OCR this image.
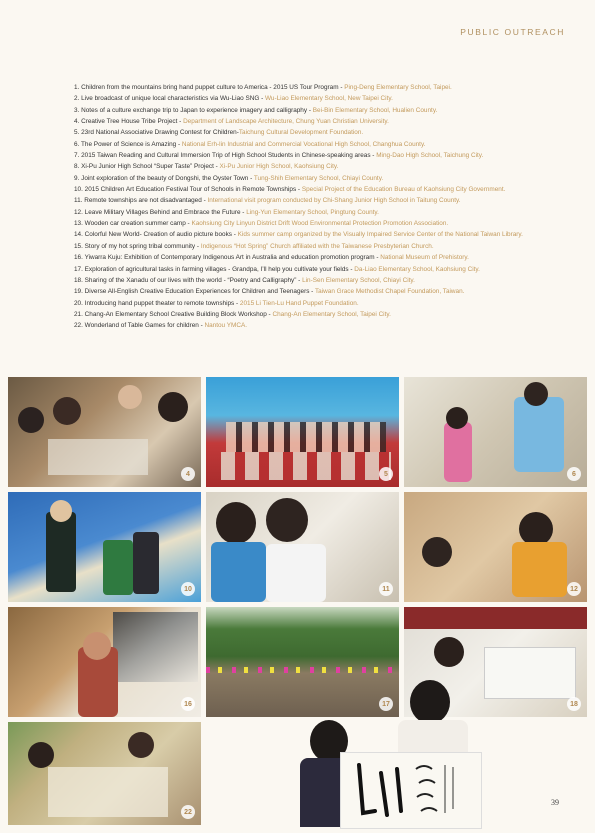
PUBLIC OUTREACH
1. Children from the mountains bring hand puppet culture to America - 2015 US Tour Program - Ping-Deng Elementary School, Taipei.
2. Live broadcast of unique local characteristics via Wu-Liao SNG - Wu-Liao Elementary School, New Taipei City.
3. Notes of a culture exchange trip to Japan to experience imagery and calligraphy - Bei-Bin Elementary School, Hualien County.
4. Creative Tree House Tribe Project - Department of Landscape Architecture, Chung Yuan Christian University.
5. 23rd National Associative Drawing Contest for Children-Taichung Cultural Development Foundation.
6. The Power of Science is Amazing - National Erh-lin Industrial and Commercial Vocational High School, Changhua County.
7. 2015 Taiwan Reading and Cultural Immersion Trip of High School Students in Chinese-speaking areas - Ming-Dao High School, Taichung City.
8. Xi-Pu Junior High School “Super Taste” Project - Xi-Pu Junior High School, Kaohsiung City.
9. Joint exploration of the beauty of Dongshi, the Oyster Town - Tung-Shih Elementary School, Chiayi County.
10. 2015 Children Art Education Festival Tour of Schools in Remote Townships - Special Project of the Education Bureau of Kaohsiung City Government.
11. Remote townships are not disadvantaged - International visit program conducted by Chi-Shang Junior High School in Taitung County.
12. Leave Military Villages Behind and Embrace the Future - Ling-Yun Elementary School, Pingtung County.
13. Wooden car creation summer camp - Kaohsiung City Linyun District Drift Wood Environmental Protection Promotion Association.
14. Colorful New World- Creation of audio picture books - Kids summer camp organized by the Visually Impaired Service Center of the National Taiwan Library.
15. Story of my hot spring tribal community - Indigenous “Hot Spring” Church affiliated with the Taiwanese Presbyterian Church.
16. Yiwarra Kuju: Exhibition of Contemporary Indigenous Art in Australia and education promotion program - National Museum of Prehistory.
17. Exploration of agricultural tasks in farming villages - Grandpa, I’ll help you cultivate your fields - Da-Liao Elementary School, Kaohsiung City.
18. Sharing of the Xanadu of our lives with the world - “Poetry and Calligraphy” - Lin-Sen Elementary School, Chiayi City.
19. Diverse All-English Creative Education Experiences for Children and Teenagers - Taiwan Grace Methodist Chapel Foundation, Taiwan.
20. Introducing hand puppet theater to remote townships - 2015 Li Tien-Lu Hand Puppet Foundation.
21. Chang-An Elementary School Creative Building Block Workshop - Chang-An Elementary School, Taipei City.
22. Wonderland of Table Games for children - Nantou YMCA.
4	5	6
10	11	12
16	17	18
22
39
